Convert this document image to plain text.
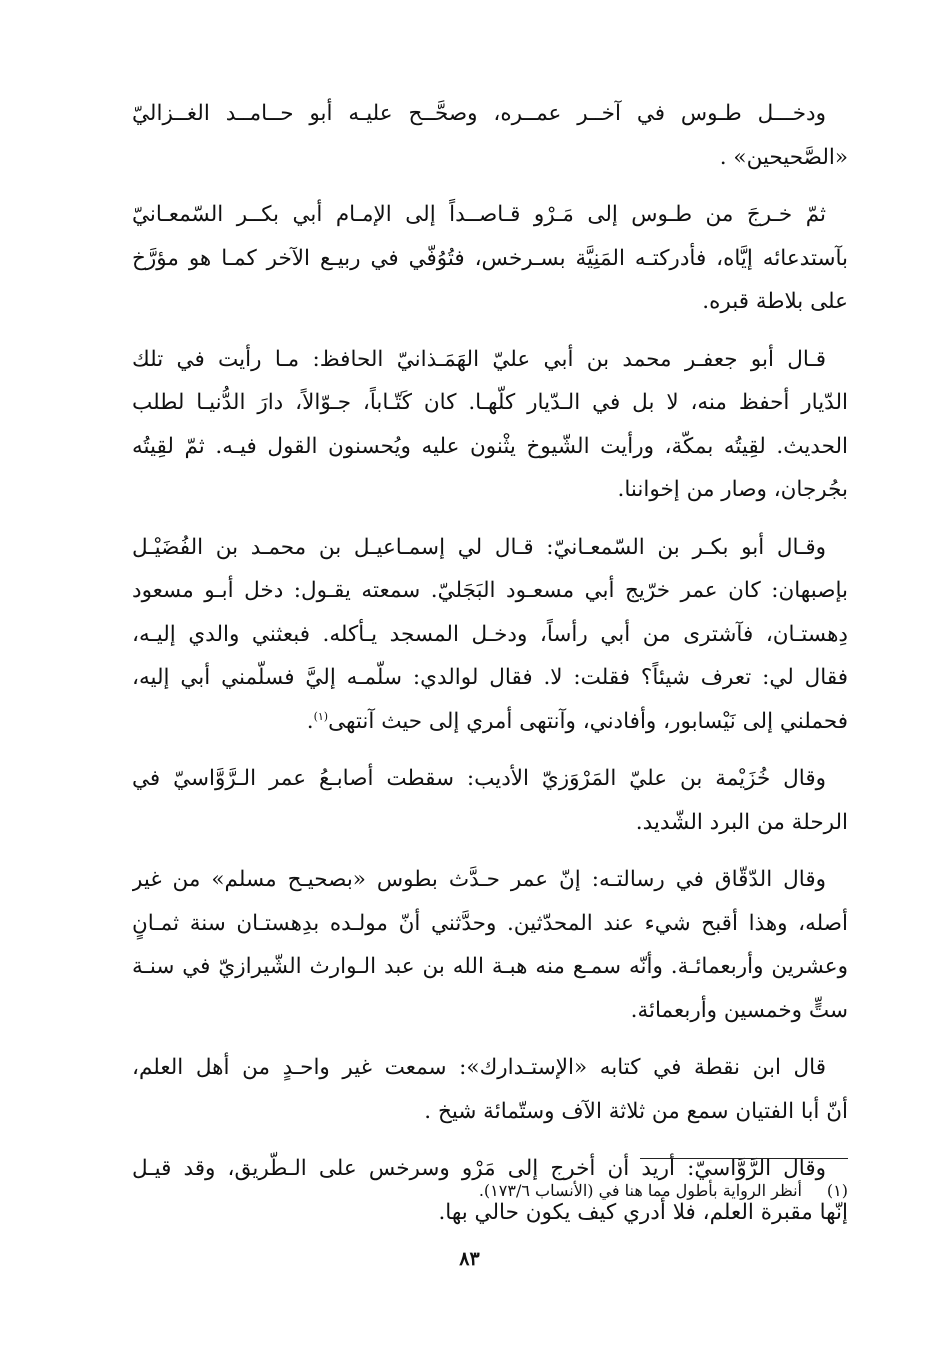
ودخـــل طـوس في آخــر عمــره، وصحَّــح عليـه أبو حــامــد الغــزاليّ
«الصَّحيحين» .

ثمّ خـرجَ من طـوس إلى مَـرْو قـاصــداً إلى الإمـام أبي بكــر السّمعـانيّ
بآستدعائه إيَّاه، فأدركتـه المَنِيَّة بسـرخس، فتُوُفّي في ربيـع الآخر كمـا هو مؤرَّخ
على بلاطة قبره.

قـال أبو جعفـر محمد بن أبي عليّ الهَمَـذانيّ الحافظ: مـا رأيت في تلك
الدّيار أحفظ منه، لا بل في الـدّيار كلّهـا. كان كَتّـاباً، جـوّالاً، دارَ الدُّنيـا لطلب
الحديث. لقِيتُه بمكّة، ورأيت الشّيوخ يثْنون عليه ويُحسنون القول فيـه. ثمّ لقِيتُه
بجُرجان، وصار من إخواننا.

وقـال أبو بكـر بن السّمعـانيّ: قـال لي إسمـاعيـل بن محمـد بن الفُضَيْـل
بإصبهان: كان عمر خرّيج أبي مسعـود البَجَليّ. سمعته يقـول: دخل أبـو مسعود
دِهستـان، فآشترى من أبي رأساً، ودخـل المسجد يـأكله. فبعثني والدي إليـه،
فقال لي: تعرف شيئاً؟ فقلت: لا. فقال لوالدي: سلّمـه إليَّ فسلّمني أبي إليه،
فحملني إلى نَيْسابور، وأفادني، وآنتهى أمري إلى حيث آنتهى$^{(١)}$.

وقال خُزَيْمة بن عليّ المَرْوَزيّ الأديب: سقطت أصابـعُ عمر الـرَّوَّاسيّ في
الرحلة من البرد الشّديد.

وقال الدّقّاق في رسالتـه: إنّ عمر حـدَّث بطوس «بصحيـح مسلم» من غير
أصله، وهذا أقبح شيء عند المحدّثين. وحدَّثني أنّ مولـده بدِهستـان سنة ثمـانٍ
وعشرين وأربعمائـة. وأنّه سمـع منه هبـة الله بن عبد الـوارث الشّيرازيّ في سنـة
ستٍّ وخمسين وأربعمائة.

قال ابن نقطة في كتابه «الإستـدارك»: سمعت غير واحـدٍ من أهل العلم،
أنّ أبا الفتيان سمع من ثلاثة الآف وستّمائة شيخ .

وقال الرَّوَّاسيّ: أريد أن أخرج إلى مَرْو وسرخس على الـطّريق، وقد قيـل
إنّها مقبرة العلم، فلا أدري كيف يكون حالي بها.

(١)أنظر الرواية بأطول مما هنا في (الأنساب ١٧٣/٦).
٨٣
